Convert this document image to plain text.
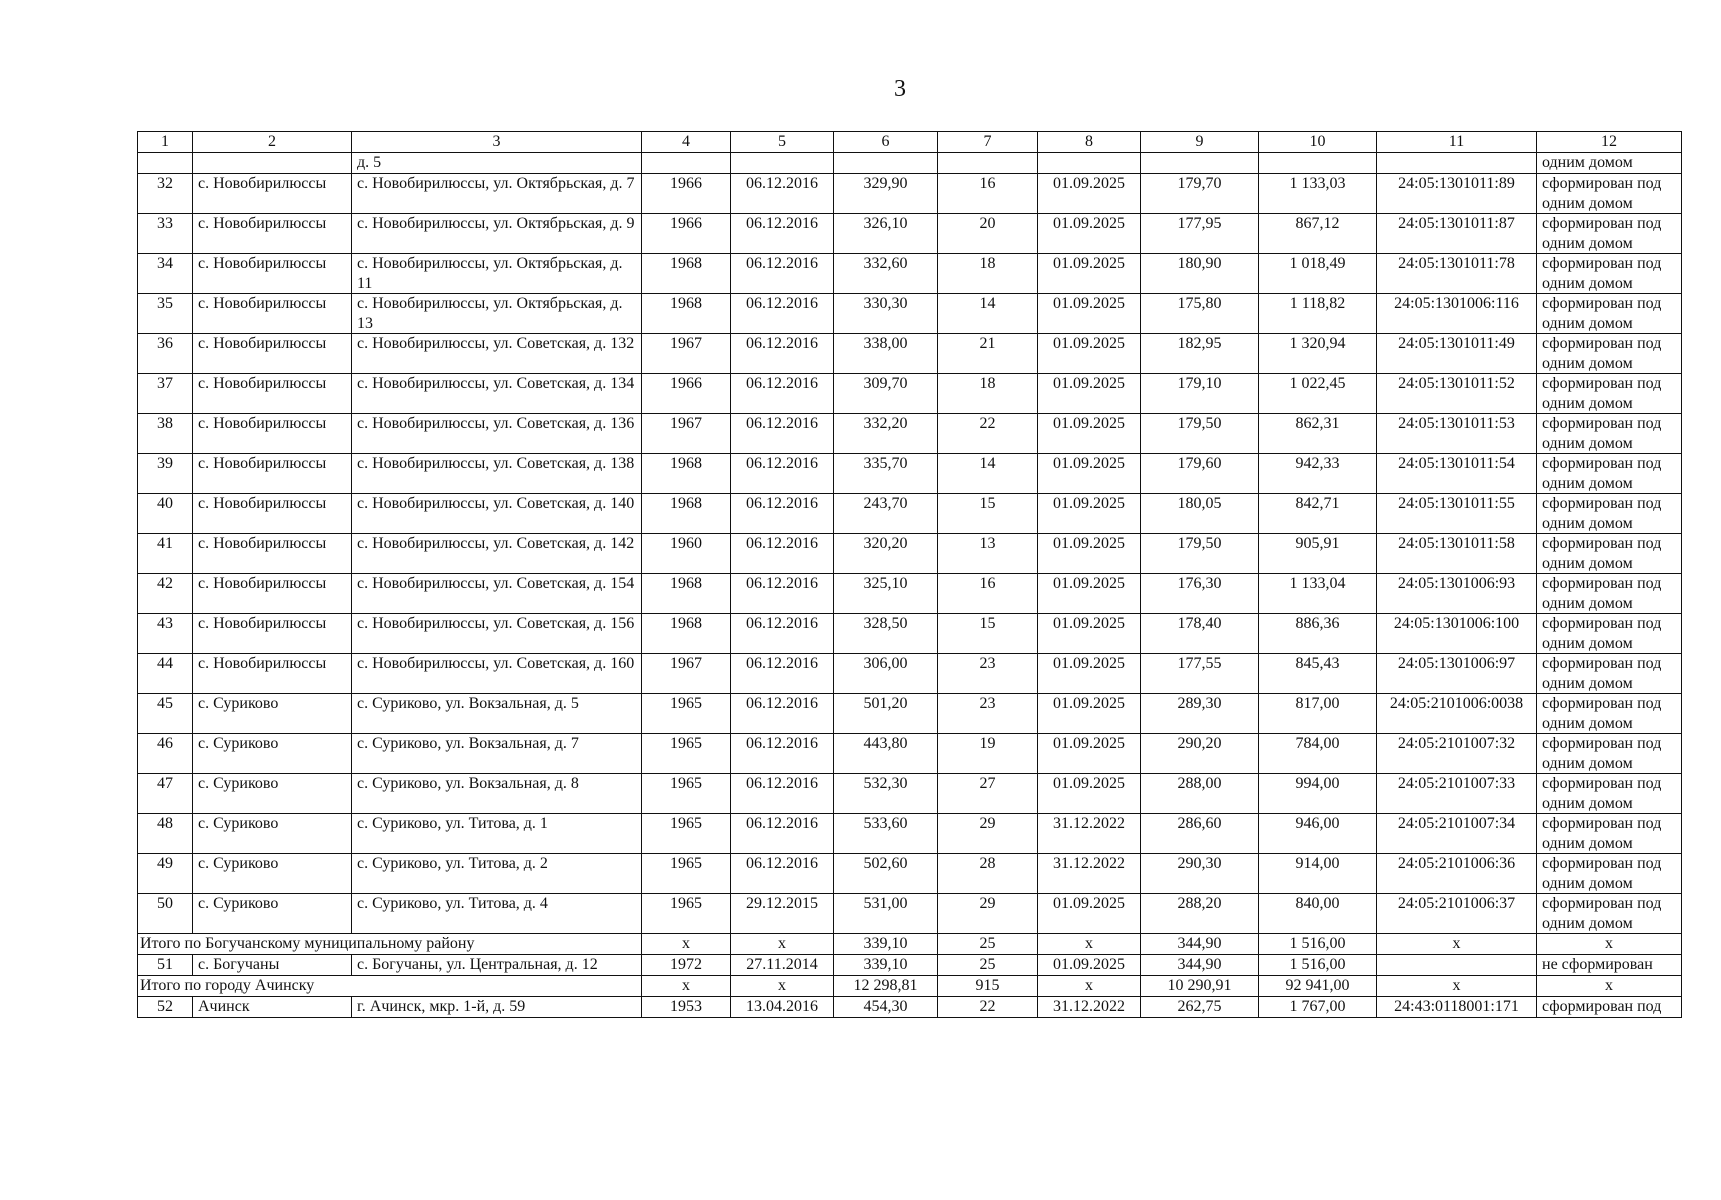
3
1	2	3	4	5	6	7	8	9	10	11	12
		д. 5									одним домом
32	с. Новобирилюссы	с. Новобирилюссы, ул. Октябрьская, д. 7	1966	06.12.2016	329,90	16	01.09.2025	179,70	1 133,03	24:05:1301011:89	сформирован под одним домом
33	с. Новобирилюссы	с. Новобирилюссы, ул. Октябрьская, д. 9	1966	06.12.2016	326,10	20	01.09.2025	177,95	867,12	24:05:1301011:87	сформирован под одним домом
34	с. Новобирилюссы	с. Новобирилюссы, ул. Октябрьская, д. 11	1968	06.12.2016	332,60	18	01.09.2025	180,90	1 018,49	24:05:1301011:78	сформирован под одним домом
35	с. Новобирилюссы	с. Новобирилюссы, ул. Октябрьская, д. 13	1968	06.12.2016	330,30	14	01.09.2025	175,80	1 118,82	24:05:1301006:116	сформирован под одним домом
36	с. Новобирилюссы	с. Новобирилюссы, ул. Советская, д. 132	1967	06.12.2016	338,00	21	01.09.2025	182,95	1 320,94	24:05:1301011:49	сформирован под одним домом
37	с. Новобирилюссы	с. Новобирилюссы, ул. Советская, д. 134	1966	06.12.2016	309,70	18	01.09.2025	179,10	1 022,45	24:05:1301011:52	сформирован под одним домом
38	с. Новобирилюссы	с. Новобирилюссы, ул. Советская, д. 136	1967	06.12.2016	332,20	22	01.09.2025	179,50	862,31	24:05:1301011:53	сформирован под одним домом
39	с. Новобирилюссы	с. Новобирилюссы, ул. Советская, д. 138	1968	06.12.2016	335,70	14	01.09.2025	179,60	942,33	24:05:1301011:54	сформирован под одним домом
40	с. Новобирилюссы	с. Новобирилюссы, ул. Советская, д. 140	1968	06.12.2016	243,70	15	01.09.2025	180,05	842,71	24:05:1301011:55	сформирован под одним домом
41	с. Новобирилюссы	с. Новобирилюссы, ул. Советская, д. 142	1960	06.12.2016	320,20	13	01.09.2025	179,50	905,91	24:05:1301011:58	сформирован под одним домом
42	с. Новобирилюссы	с. Новобирилюссы, ул. Советская, д. 154	1968	06.12.2016	325,10	16	01.09.2025	176,30	1 133,04	24:05:1301006:93	сформирован под одним домом
43	с. Новобирилюссы	с. Новобирилюссы, ул. Советская, д. 156	1968	06.12.2016	328,50	15	01.09.2025	178,40	886,36	24:05:1301006:100	сформирован под одним домом
44	с. Новобирилюссы	с. Новобирилюссы, ул. Советская, д. 160	1967	06.12.2016	306,00	23	01.09.2025	177,55	845,43	24:05:1301006:97	сформирован под одним домом
45	с. Суриково	с. Суриково, ул. Вокзальная, д. 5	1965	06.12.2016	501,20	23	01.09.2025	289,30	817,00	24:05:2101006:0038	сформирован под одним домом
46	с. Суриково	с. Суриково, ул. Вокзальная, д. 7	1965	06.12.2016	443,80	19	01.09.2025	290,20	784,00	24:05:2101007:32	сформирован под одним домом
47	с. Суриково	с. Суриково, ул. Вокзальная, д. 8	1965	06.12.2016	532,30	27	01.09.2025	288,00	994,00	24:05:2101007:33	сформирован под одним домом
48	с. Суриково	с. Суриково, ул. Титова, д. 1	1965	06.12.2016	533,60	29	31.12.2022	286,60	946,00	24:05:2101007:34	сформирован под одним домом
49	с. Суриково	с. Суриково, ул. Титова, д. 2	1965	06.12.2016	502,60	28	31.12.2022	290,30	914,00	24:05:2101006:36	сформирован под одним домом
50	с. Суриково	с. Суриково, ул. Титова, д. 4	1965	29.12.2015	531,00	29	01.09.2025	288,20	840,00	24:05:2101006:37	сформирован под одним домом
Итого по Богучанскому муниципальному району			х	х	339,10	25	х	344,90	1 516,00	х	х
51	с. Богучаны	с. Богучаны, ул. Центральная, д. 12	1972	27.11.2014	339,10	25	01.09.2025	344,90	1 516,00		не сформирован
Итого по городу Ачинску			х	х	12 298,81	915	х	10 290,91	92 941,00	х	х
52	Ачинск	г. Ачинск, мкр. 1-й, д. 59	1953	13.04.2016	454,30	22	31.12.2022	262,75	1 767,00	24:43:0118001:171	сформирован под
